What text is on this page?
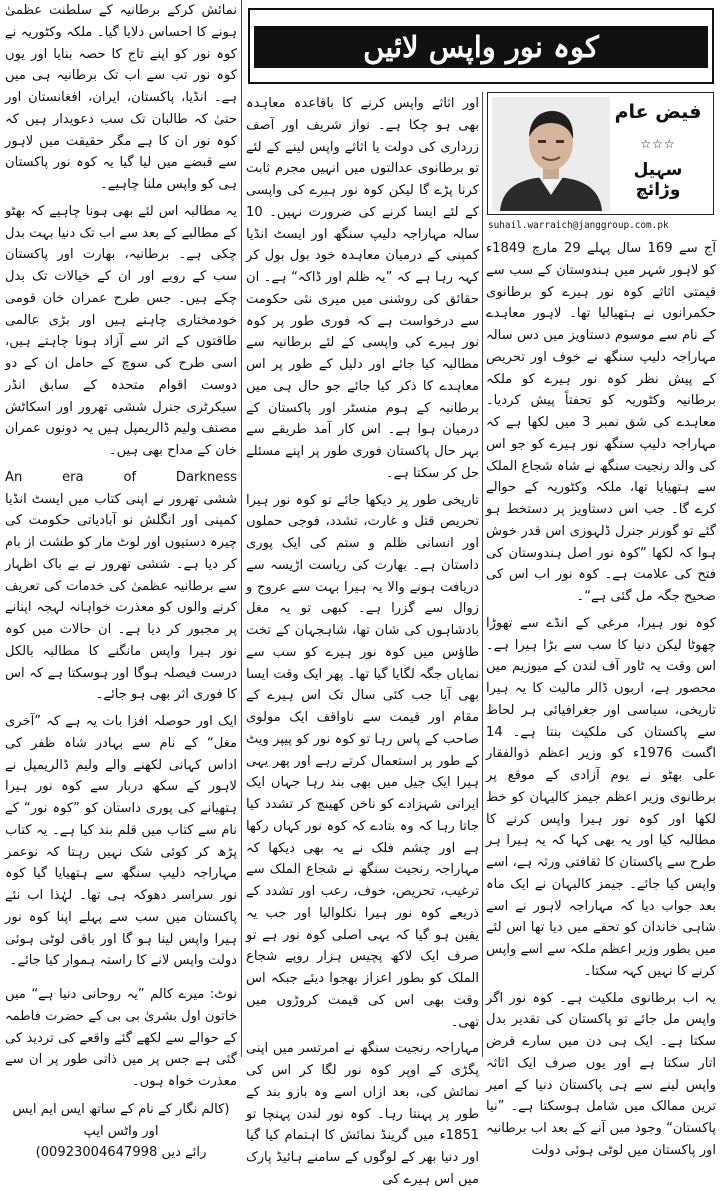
کوہ نور واپس لائیں
فیض عام
☆☆☆
سہیل وڑائچ
suhail.warraich@janggroup.com.pk

آج سے 169 سال پہلے 29 مارچ 1849ء کو لاہور شہر میں ہندوستان کے سب سے قیمتی اثاثے کوہ نور ہیرے کو برطانوی حکمرانوں نے ہتھیالیا تھا۔ لاہور معاہدے کے نام سے موسوم دستاویز میں دس سالہ مہاراجہ دلیپ سنگھ نے خوف اور تحریص کے پیش نظر کوہ نور ہیرے کو ملکہ برطانیہ وکٹوریہ کو تحفتاً پیش کردیا۔ معاہدے کی شق نمبر 3 میں لکھا ہے کہ مہاراجہ دلیپ سنگھ نور ہیرے کو جو اس کی والد رنجیت سنگھ نے شاہ شجاع الملک سے ہتھیایا تھا، ملکہ وکٹوریہ کے حوالے کرے گا۔ جب اس دستاویز پر دستخط ہو گئے تو گورنر جنرل ڈلہوزی اس قدر خوش ہوا کہ لکھا ”کوہ نور اصل ہندوستان کی فتح کی علامت ہے۔ کوہ نور اب اس کی صحیح جگہ مل گئی ہے“۔

کوہ نور ہیرا، مرغی کے انڈے سے تھوڑا چھوٹا لیکن دنیا کا سب سے بڑا ہیرا ہے۔ اس وقت یہ ٹاور آف لندن کے میوزیم میں محصور ہے، اربوں ڈالر مالیت کا یہ ہیرا تاریخی، سیاسی اور جغرافیائی ہر لحاظ سے پاکستان کی ملکیت بنتا ہے۔ 14 اگست 1976ء کو وزیر اعظم ذوالفقار علی بھٹو نے یوم آزادی کے موقع پر برطانوی وزیر اعظم جیمز کالیہان کو خط لکھا اور کوہ نور ہیرا واپس کرنے کا مطالبہ کیا اور یہ بھی کہا کہ یہ ہیرا ہر طرح سے پاکستان کا ثقافتی ورثہ ہے، اسے واپس کیا جائے۔ جیمز کالیہان نے ایک ماہ بعد جواب دیا کہ مہاراجہ لاہور نے اسے شاہی خاندان کو تحفے میں دیا تھا اس لئے میں بطور وزیر اعظم ملکہ سے اسے واپس کرنے کا نہیں کہہ سکتا۔

یہ اب برطانوی ملکیت ہے۔ کوہ نور اگر واپس مل جائے تو پاکستان کی تقدیر بدل سکتا ہے۔ ایک ہی دن میں سارے قرض اتار سکتا ہے اور یوں صرف ایک اثاثہ واپس لینے سے ہی پاکستان دنیا کے امیر ترین ممالک میں شامل ہوسکتا ہے۔ ”نیا پاکستان“ وجود میں آنے کے بعد اب برطانیہ اور پاکستان میں لوٹی ہوئی دولت

اور اثاثے واپس کرنے کا باقاعدہ معاہدہ بھی ہو چکا ہے۔ نواز شریف اور آصف زرداری کی دولت یا اثاثے واپس لینے کے لئے تو برطانوی عدالتوں میں انہیں مجرم ثابت کرنا پڑے گا لیکن کوہ نور ہیرے کی واپسی کے لئے ایسا کرنے کی ضرورت نہیں۔ 10 سالہ مہاراجہ دلیپ سنگھ اور ایسٹ انڈیا کمپنی کے درمیان معاہدہ خود بول بول کر کہہ رہا ہے کہ ”یہ ظلم اور ڈاکہ“ ہے۔ ان حقائق کی روشنی میں میری نئی حکومت سے درخواست ہے کہ فوری طور پر کوہ نور ہیرے کی واپسی کے لئے برطانیہ سے مطالبہ کیا جائے اور دلیل کے طور پر اس معاہدے کا ذکر کیا جائے جو حال ہی میں برطانیہ کے ہوم منسٹر اور پاکستان کے درمیان ہوا ہے۔ اس کار آمد طریقے سے بہر حال پاکستان فوری طور پر اپنے مسئلے حل کر سکتا ہے۔

تاریخی طور پر دیکھا جائے تو کوہ نور ہیرا تحریص قتل و غارت، تشدد، فوجی حملوں اور انسانی ظلم و ستم کی ایک پوری داستان ہے۔ بھارت کی ریاست اڑیسہ سے دریافت ہونے والا یہ ہیرا بہت سے عروج و زوال سے گزرا ہے۔ کبھی تو یہ مغل بادشاہوں کی شان تھا، شاہجہان کے تخت طاؤس میں کوہ نور ہیرے کو سب سے نمایاں جگہ لگایا گیا تھا۔ پھر ایک وقت ایسا بھی آیا جب کئی سال تک اس ہیرے کے مقام اور قیمت سے ناواقف ایک مولوی صاحب کے پاس رہا تو کوہ نور کو پیپر ویٹ کے طور پر استعمال کرتے رہے اور پھر یہی ہیرا ایک جیل میں بھی بند رہا جہاں ایک ایرانی شہزادے کو ناخن کھینچ کر تشدد کیا جاتا رہا کہ وہ بتادے کہ کوہ نور کہاں رکھا ہے اور چشم فلک نے یہ بھی دیکھا کہ مہاراجہ رنجیت سنگھ نے شجاع الملک سے ترغیب، تحریص، خوف، رعب اور تشدد کے ذریعے کوہ نور ہیرا نکلوالیا اور جب یہ یقین ہو گیا کہ یہی اصلی کوہ نور ہے تو صرف ایک لاکھ پچیس ہزار روپے شجاع الملک کو بطور اعزاز بھجوا دیئے جبکہ اس وقت بھی اس کی قیمت کروڑوں میں تھی۔

مہاراجہ رنجیت سنگھ نے امرتسر میں اپنی پگڑی کے اوپر کوہ نور لگا کر اس کی نمائش کی، بعد ازاں اسے وہ بازو بند کے طور پر پہنتا رہا۔ کوہ نور لندن پہنچا تو 1851ء میں گرینڈ نمائش کا اہتمام کیا گیا اور دنیا بھر کے لوگوں کے سامنے ہائیڈ پارک میں اس ہیرے کی

نمائش کرکے برطانیہ کے سلطنت عظمیٰ ہونے کا احساس دلایا گیا۔ ملکہ وکٹوریہ نے کوہ نور کو اپنے تاج کا حصہ بنایا اور یوں کوہ نور تب سے اب تک برطانیہ ہی میں ہے۔ انڈیا، پاکستان، ایران، افغانستان اور حتیٰ کہ طالبان تک سب دعویدار ہیں کہ کوہ نور ان کا ہے مگر حقیقت میں لاہور سے قبضے میں لیا گیا یہ کوہ نور پاکستان ہی کو واپس ملنا چاہیے۔

یہ مطالبہ اس لئے بھی ہونا چاہیے کہ بھٹو کے مطالبے کے بعد سے اب تک دنیا بہت بدل چکی ہے۔ برطانیہ، بھارت اور پاکستان سب کے رویے اور ان کے خیالات تک بدل چکے ہیں۔ جس طرح عمران خان قومی خودمختاری چاہتے ہیں اور بڑی عالمی طاقتوں کے اثر سے آزاد ہونا چاہتے ہیں، اسی طرح کی سوچ کے حامل ان کے دو دوست اقوام متحدہ کے سابق انڈر سیکرٹری جنرل ششی تھرور اور اسکاٹش مصنف ولیم ڈالریمپل ہیں یہ دونوں عمران خان کے مداح بھی ہیں۔

An era of Darkness

ششی تھرور نے اپنی کتاب میں ایسٹ انڈیا کمپنی اور انگلش نو آبادیاتی حکومت کی چیرہ دستیوں اور لوٹ مار کو طشت از بام کر دیا ہے۔ ششی تھرور نے بے باک اظہار سے برطانیہ عظمیٰ کی خدمات کی تعریف کرنے والوں کو معذرت خواہانہ لہجہ اپنانے پر مجبور کر دیا ہے۔ ان حالات میں کوہ نور ہیرا واپس مانگنے کا مطالبہ بالکل درست فیصلہ ہوگا اور ہوسکتا ہے کہ اس کا فوری اثر بھی ہو جائے۔

ایک اور حوصلہ افزا بات یہ ہے کہ ”آخری مغل“ کے نام سے بہادر شاہ ظفر کی اداس کہانی لکھنے والے ولیم ڈالریمپل نے لاہور کے سکھ دربار سے کوہ نور ہیرا ہتھیانے کی پوری داستان کو ”کوہ نور“ کے نام سے کتاب میں قلم بند کیا ہے۔ یہ کتاب پڑھ کر کوئی شک نہیں رہتا کہ نوعمر مہاراجہ دلیپ سنگھ سے ہتھیایا گیا کوہ نور سراسر دھوکہ ہی تھا۔ لہٰذا اب نئے پاکستان میں سب سے پہلے اپنا کوہ نور ہیرا واپس لینا ہو گا اور باقی لوٹی ہوئی دولت واپس لانے کا راستہ ہموار کیا جائے۔

نوٹ: میرے کالم ”یہ روحانی دنیا ہے“ میں خاتون اول بشریٰ بی بی کے حضرت فاطمہ کے حوالے سے لکھے گئے واقعے کی تردید کی گئی ہے جس پر میں ذاتی طور پر ان سے معذرت خواہ ہوں۔

(کالم نگار کے نام کے ساتھ ایس ایم ایس اور واٹس ایپ

رائے دیں 00923004647998)
